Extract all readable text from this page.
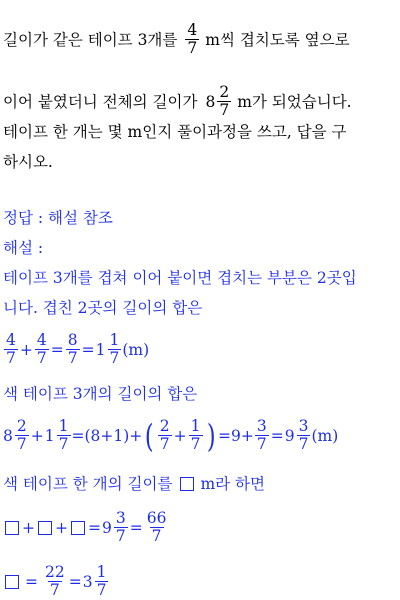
길이가 같은 테이프 3개를 $\frac{4}{7}$ m씩 겹치도록 옆으로
이어 붙였더니 전체의 길이가 $8 \frac{2}{7}$ m가 되었습니다.
테이프 한 개는 몇 m인지 풀이과정을 쓰고, 답을 구
하시오.
정답 : 해설 참조
해설 :
테이프 3개를 겹쳐 이어 붙이면 겹치는 부분은 2곳입
니다. 겹친 2곳의 길이의 합은
$\frac{4}{7} + \frac{4}{7} = \frac{8}{7} = 1 \frac{1}{7} (m)$
색 테이프 3개의 길이의 합은
$8 \frac{2}{7} + 1 \frac{1}{7} =(8+1)+$ ( $\frac{2}{7} + \frac{1}{7}$ ) $=9+ \frac{3}{7} = 9 \frac{3}{7} (m)$
색 테이프 한 개의 길이를 m라 하면
+ + = $9 \frac{3}{7} = \frac{66}{7}$
= $\frac{22}{7} = 3 \frac{1}{7}$
